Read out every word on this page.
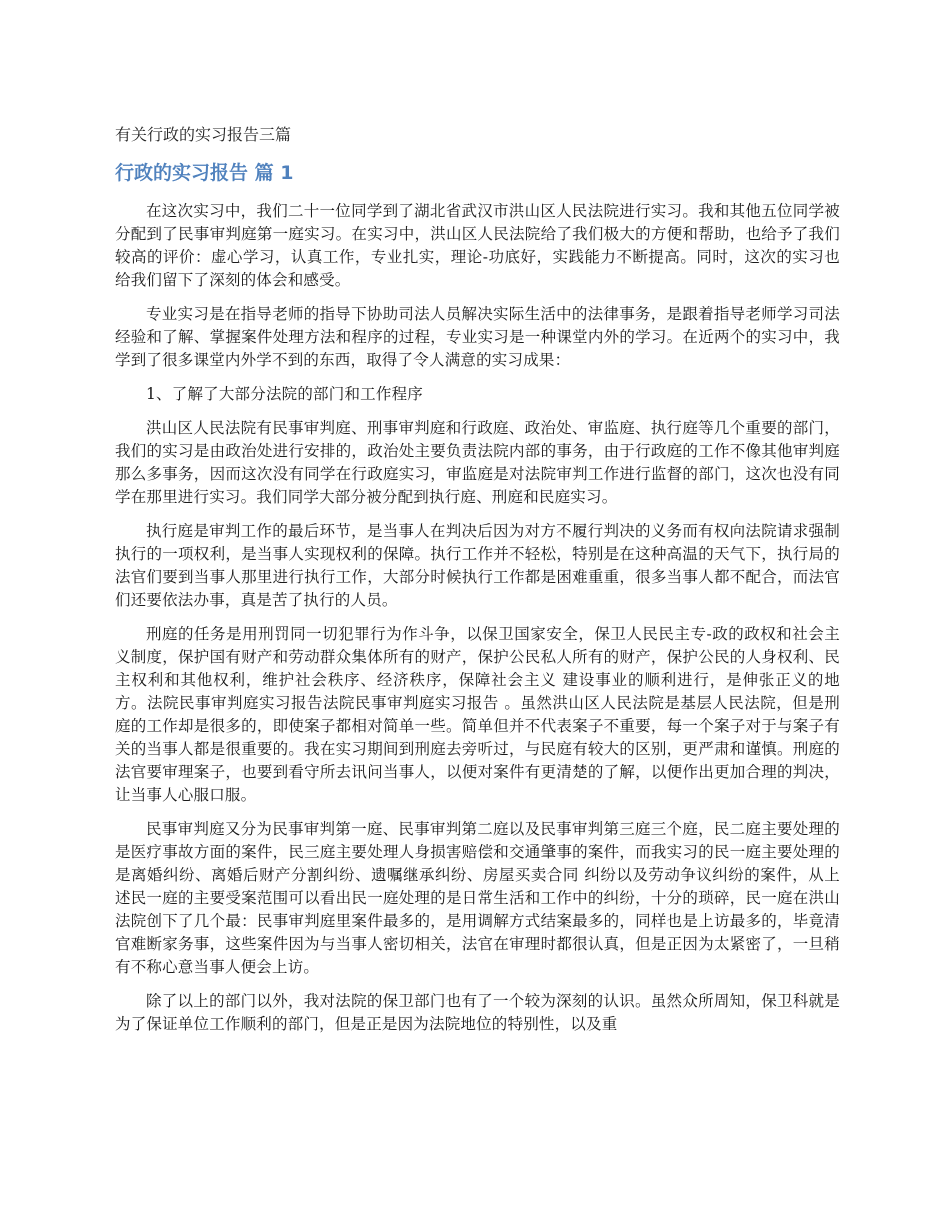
有关行政的实习报告三篇
行政的实习报告 篇 1

在这次实习中，我们二十一位同学到了湖北省武汉市洪山区人民法院进行实习。我和其他五位同学被分配到了民事审判庭第一庭实习。在实习中，洪山区人民法院给了我们极大的方便和帮助，也给予了我们较高的评价：虚心学习，认真工作，专业扎实，理论-功底好，实践能力不断提高。同时，这次的实习也给我们留下了深刻的体会和感受。

专业实习是在指导老师的指导下协助司法人员解决实际生活中的法律事务，是跟着指导老师学习司法经验和了解、掌握案件处理方法和程序的过程，专业实习是一种课堂内外的学习。在近两个的实习中，我学到了很多课堂内外学不到的东西，取得了令人满意的实习成果：

1、了解了大部分法院的部门和工作程序

洪山区人民法院有民事审判庭、刑事审判庭和行政庭、政治处、审监庭、执行庭等几个重要的部门，我们的实习是由政治处进行安排的，政治处主要负责法院内部的事务，由于行政庭的工作不像其他审判庭那么多事务，因而这次没有同学在行政庭实习，审监庭是对法院审判工作进行监督的部门，这次也没有同学在那里进行实习。我们同学大部分被分配到执行庭、刑庭和民庭实习。

执行庭是审判工作的最后环节，是当事人在判决后因为对方不履行判决的义务而有权向法院请求强制执行的一项权利，是当事人实现权利的保障。执行工作并不轻松，特别是在这种高温的天气下，执行局的法官们要到当事人那里进行执行工作，大部分时候执行工作都是困难重重，很多当事人都不配合，而法官们还要依法办事，真是苦了执行的人员。

刑庭的任务是用刑罚同一切犯罪行为作斗争，以保卫国家安全，保卫人民民主专-政的政权和社会主义制度，保护国有财产和劳动群众集体所有的财产，保护公民私人所有的财产，保护公民的人身权利、民主权利和其他权利，维护社会秩序、经济秩序，保障社会主义 建设事业的顺利进行，是伸张正义的地方。法院民事审判庭实习报告法院民事审判庭实习报告 。虽然洪山区人民法院是基层人民法院，但是刑庭的工作却是很多的，即使案子都相对简单一些。简单但并不代表案子不重要，每一个案子对于与案子有关的当事人都是很重要的。我在实习期间到刑庭去旁听过，与民庭有较大的区别，更严肃和谨慎。刑庭的法官要审理案子，也要到看守所去讯问当事人，以便对案件有更清楚的了解，以便作出更加合理的判决，让当事人心服口服。

民事审判庭又分为民事审判第一庭、民事审判第二庭以及民事审判第三庭三个庭，民二庭主要处理的是医疗事故方面的案件，民三庭主要处理人身损害赔偿和交通肇事的案件，而我实习的民一庭主要处理的是离婚纠纷、离婚后财产分割纠纷、遗嘱继承纠纷、房屋买卖合同 纠纷以及劳动争议纠纷的案件，从上述民一庭的主要受案范围可以看出民一庭处理的是日常生活和工作中的纠纷，十分的琐碎，民一庭在洪山法院创下了几个最：民事审判庭里案件最多的，是用调解方式结案最多的，同样也是上访最多的，毕竟清官难断家务事，这些案件因为与当事人密切相关，法官在审理时都很认真，但是正因为太紧密了，一旦稍有不称心意当事人便会上访。

除了以上的部门以外，我对法院的保卫部门也有了一个较为深刻的认识。虽然众所周知，保卫科就是为了保证单位工作顺利的部门，但是正是因为法院地位的特别性，以及重
